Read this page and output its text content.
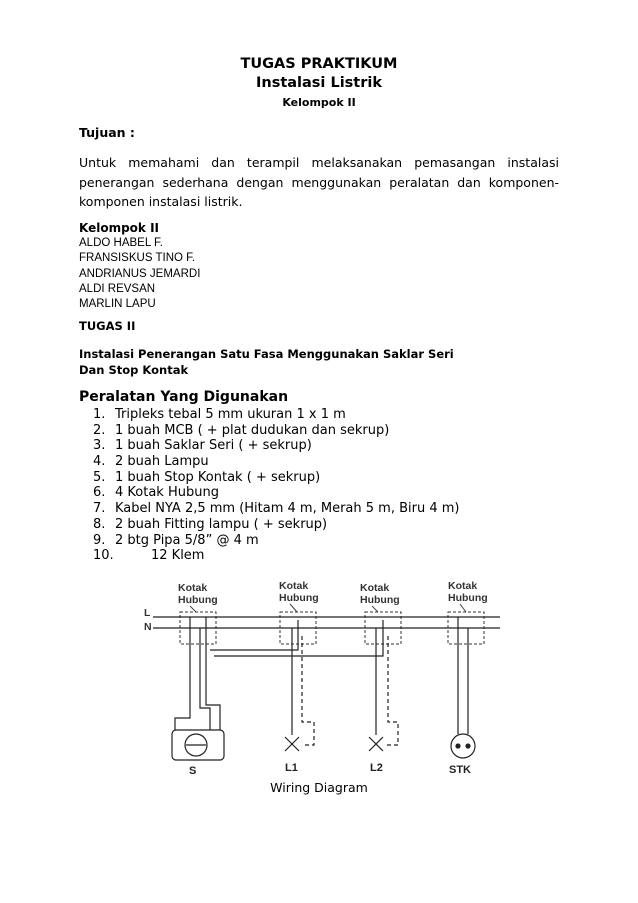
TUGAS PRAKTIKUM
Instalasi Listrik
Kelompok II
Tujuan :
Untuk memahami dan terampil melaksanakan pemasangan instalasi
penerangan sederhana dengan menggunakan peralatan dan komponen-
komponen instalasi listrik.
Kelompok II
ALDO HABEL F.
FRANSISKUS TINO F.
ANDRIANUS JEMARDI
ALDI REVSAN
MARLIN LAPU
TUGAS II
Instalasi Penerangan Satu Fasa Menggunakan Saklar Seri
Dan Stop Kontak
Peralatan Yang Digunakan
1. Tripleks tebal 5 mm ukuran 1 x 1 m
2. 1 buah MCB ( + plat dudukan dan sekrup)
3. 1 buah Saklar Seri ( + sekrup)
4. 2 buah Lampu
5. 1 buah Stop Kontak ( + sekrup)
6. 4 Kotak Hubung
7. Kabel NYA 2,5 mm (Hitam 4 m, Merah 5 m, Biru 4 m)
8. 2 buah Fitting lampu ( + sekrup)
9. 2 btg Pipa 5/8” @ 4 m
10.	12 Klem
Kotak
Hubung
Kotak
Hubung
Kotak
Hubung
Kotak
Hubung
L
N
S	L1	L2	STK
Wiring Diagram
